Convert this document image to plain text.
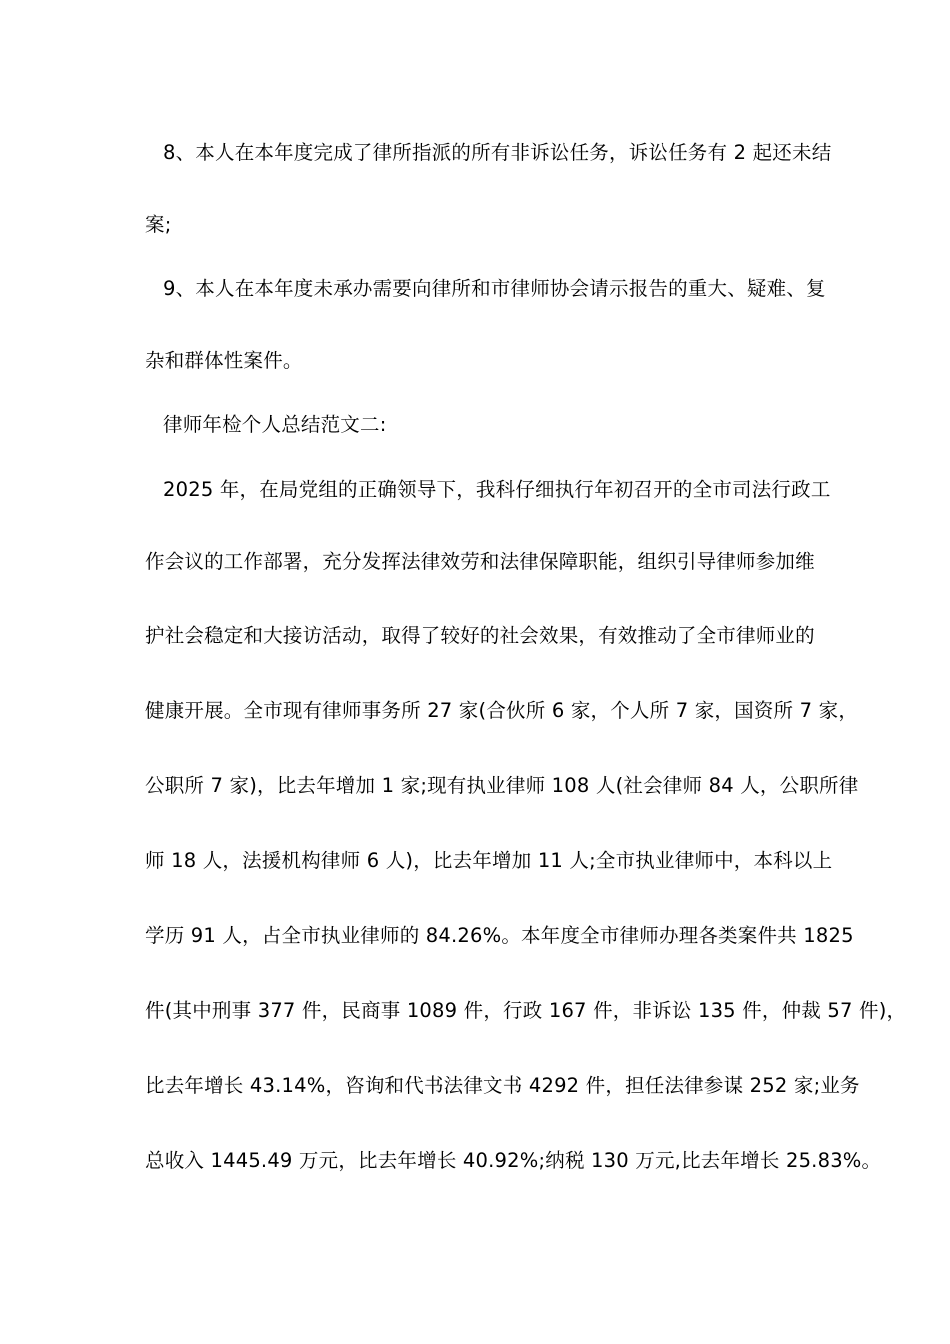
8、本人在本年度完成了律所指派的所有非诉讼任务，诉讼任务有 2 起还未结
案;
9、本人在本年度未承办需要向律所和市律师协会请示报告的重大、疑难、复
杂和群体性案件。
律师年检个人总结范文二:
2025 年，在局党组的正确领导下，我科仔细执行年初召开的全市司法行政工
作会议的工作部署，充分发挥法律效劳和法律保障职能，组织引导律师参加维
护社会稳定和大接访活动，取得了较好的社会效果，有效推动了全市律师业的
健康开展。全市现有律师事务所 27 家(合伙所 6 家，个人所 7 家，国资所 7 家，
公职所 7 家)，比去年增加 1 家;现有执业律师 108 人(社会律师 84 人，公职所律
师 18 人，法援机构律师 6 人)，比去年增加 11 人;全市执业律师中，本科以上
学历 91 人，占全市执业律师的 84.26%。本年度全市律师办理各类案件共 1825
件(其中刑事 377 件，民商事 1089 件，行政 167 件，非诉讼 135 件，仲裁 57 件)，
比去年增长 43.14%，咨询和代书法律文书 4292 件，担任法律参谋 252 家;业务
总收入 1445.49 万元，比去年增长 40.92%;纳税 130 万元,比去年增长 25.83%。
